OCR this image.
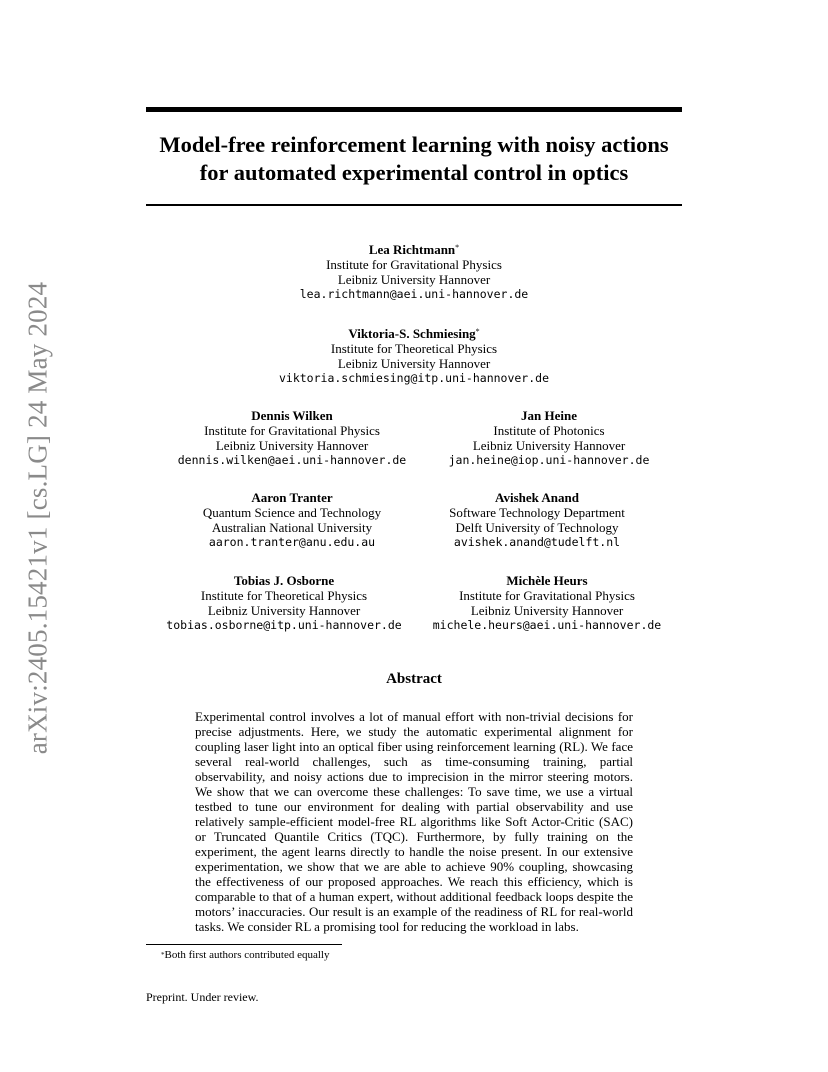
arXiv:2405.15421v1 [cs.LG] 24 May 2024
Model-free reinforcement learning with noisy actions
for automated experimental control in optics
Lea Richtmann*
Institute for Gravitational Physics
Leibniz University Hannover
lea.richtmann@aei.uni-hannover.de
Viktoria-S. Schmiesing*
Institute for Theoretical Physics
Leibniz University Hannover
viktoria.schmiesing@itp.uni-hannover.de
Dennis Wilken
Institute for Gravitational Physics
Leibniz University Hannover
dennis.wilken@aei.uni-hannover.de
Jan Heine
Institute of Photonics
Leibniz University Hannover
jan.heine@iop.uni-hannover.de
Aaron Tranter
Quantum Science and Technology
Australian National University
aaron.tranter@anu.edu.au
Avishek Anand
Software Technology Department
Delft University of Technology
avishek.anand@tudelft.nl
Tobias J. Osborne
Institute for Theoretical Physics
Leibniz University Hannover
tobias.osborne@itp.uni-hannover.de
Michèle Heurs
Institute for Gravitational Physics
Leibniz University Hannover
michele.heurs@aei.uni-hannover.de
Abstract

Experimental control involves a lot of manual effort with non-trivial decisions for precise adjustments. Here, we study the automatic experimental alignment for coupling laser light into an optical fiber using reinforcement learning (RL). We face several real-world challenges, such as time-consuming training, partial observability, and noisy actions due to imprecision in the mirror steering motors. We show that we can overcome these challenges: To save time, we use a virtual testbed to tune our environment for dealing with partial observability and use relatively sample-efficient model-free RL algorithms like Soft Actor-Critic (SAC) or Truncated Quantile Critics (TQC). Furthermore, by fully training on the experiment, the agent learns directly to handle the noise present. In our extensive experimentation, we show that we are able to achieve 90% coupling, showcasing the effectiveness of our proposed approaches. We reach this efficiency, which is comparable to that of a human expert, without additional feedback loops despite the motors’ inaccuracies. Our result is an example of the readiness of RL for real-world tasks. We consider RL a promising tool for reducing the workload in labs.

*Both first authors contributed equally
Preprint. Under review.
